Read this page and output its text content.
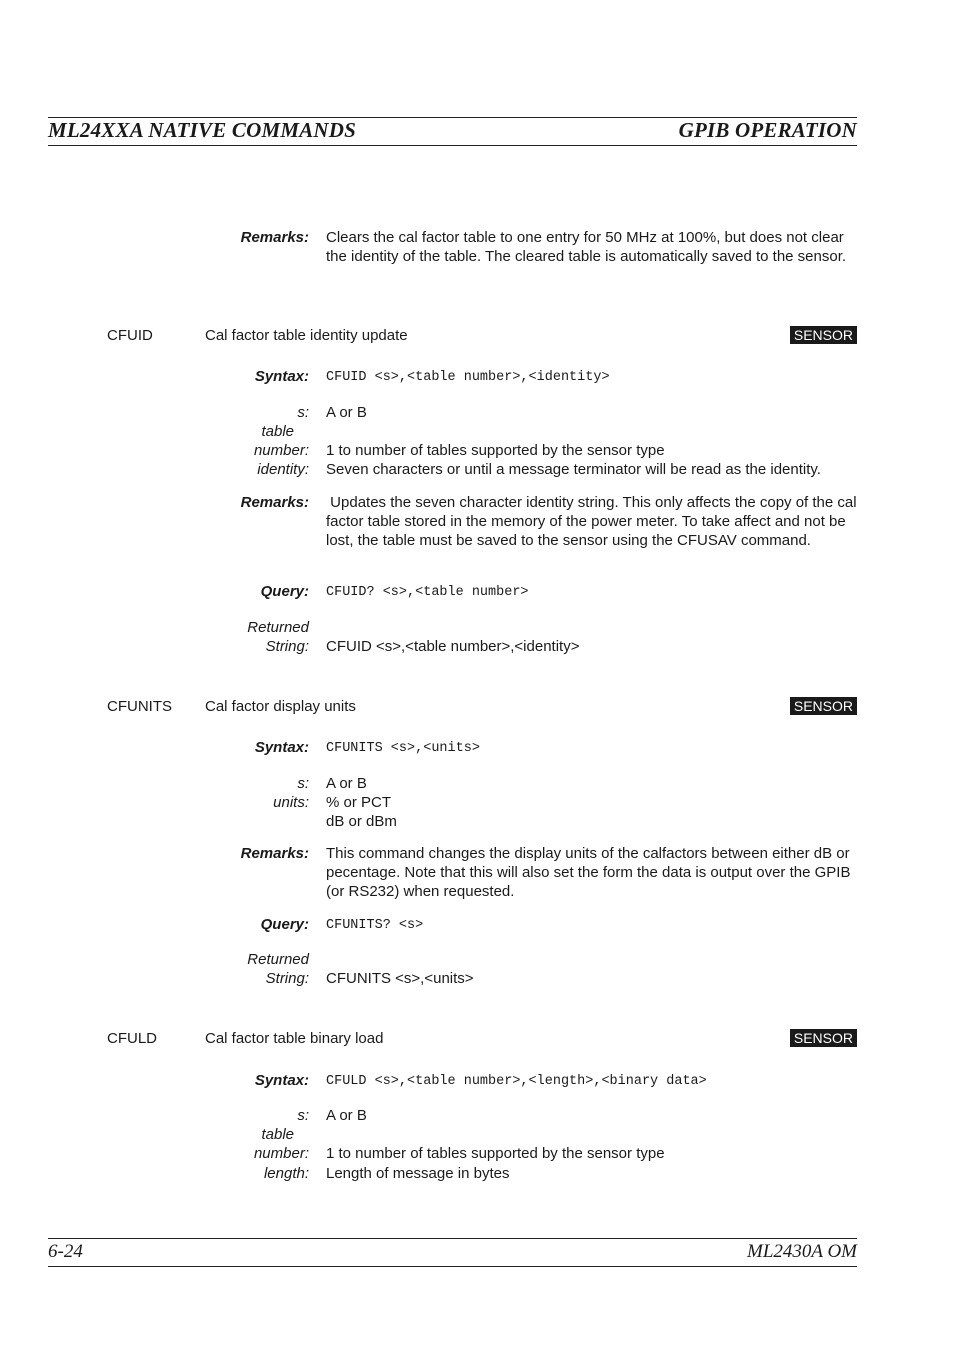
ML24XXA NATIVE COMMANDS	GPIB OPERATION
Remarks: Clears the cal factor table to one entry for 50 MHz at 100%, but does not clear the identity of the table. The cleared table is automatically saved to the sensor.
CFUID	Cal factor table identity update	SENSOR
Syntax: CFUID <s>,<table number>,<identity>
s: A or B
table
number: 1 to number of tables supported by the sensor type
identity: Seven characters or until a message terminator will be read as the identity.
Remarks: Updates the seven character identity string. This only affects the copy of the cal factor table stored in the memory of the power meter. To take affect and not be lost, the table must be saved to the sensor using the CFUSAV command.
Query: CFUID? <s>,<table number>
Returned
String: CFUID <s>,<table number>,<identity>
CFUNITS Cal factor display units	SENSOR
Syntax: CFUNITS <s>,<units>
s: A or B
units: % or PCT
dB or dBm
Remarks: This command changes the display units of the calfactors between either dB or pecentage. Note that this will also set the form the data is output over the GPIB (or RS232) when requested.
Query: CFUNITS? <s>
Returned
String: CFUNITS <s>,<units>
CFULD	Cal factor table binary load	SENSOR
Syntax: CFULD <s>,<table number>,<length>,<binary data>
s: A or B
table
number: 1 to number of tables supported by the sensor type
length: Length of message in bytes
6-24	ML2430A OM
